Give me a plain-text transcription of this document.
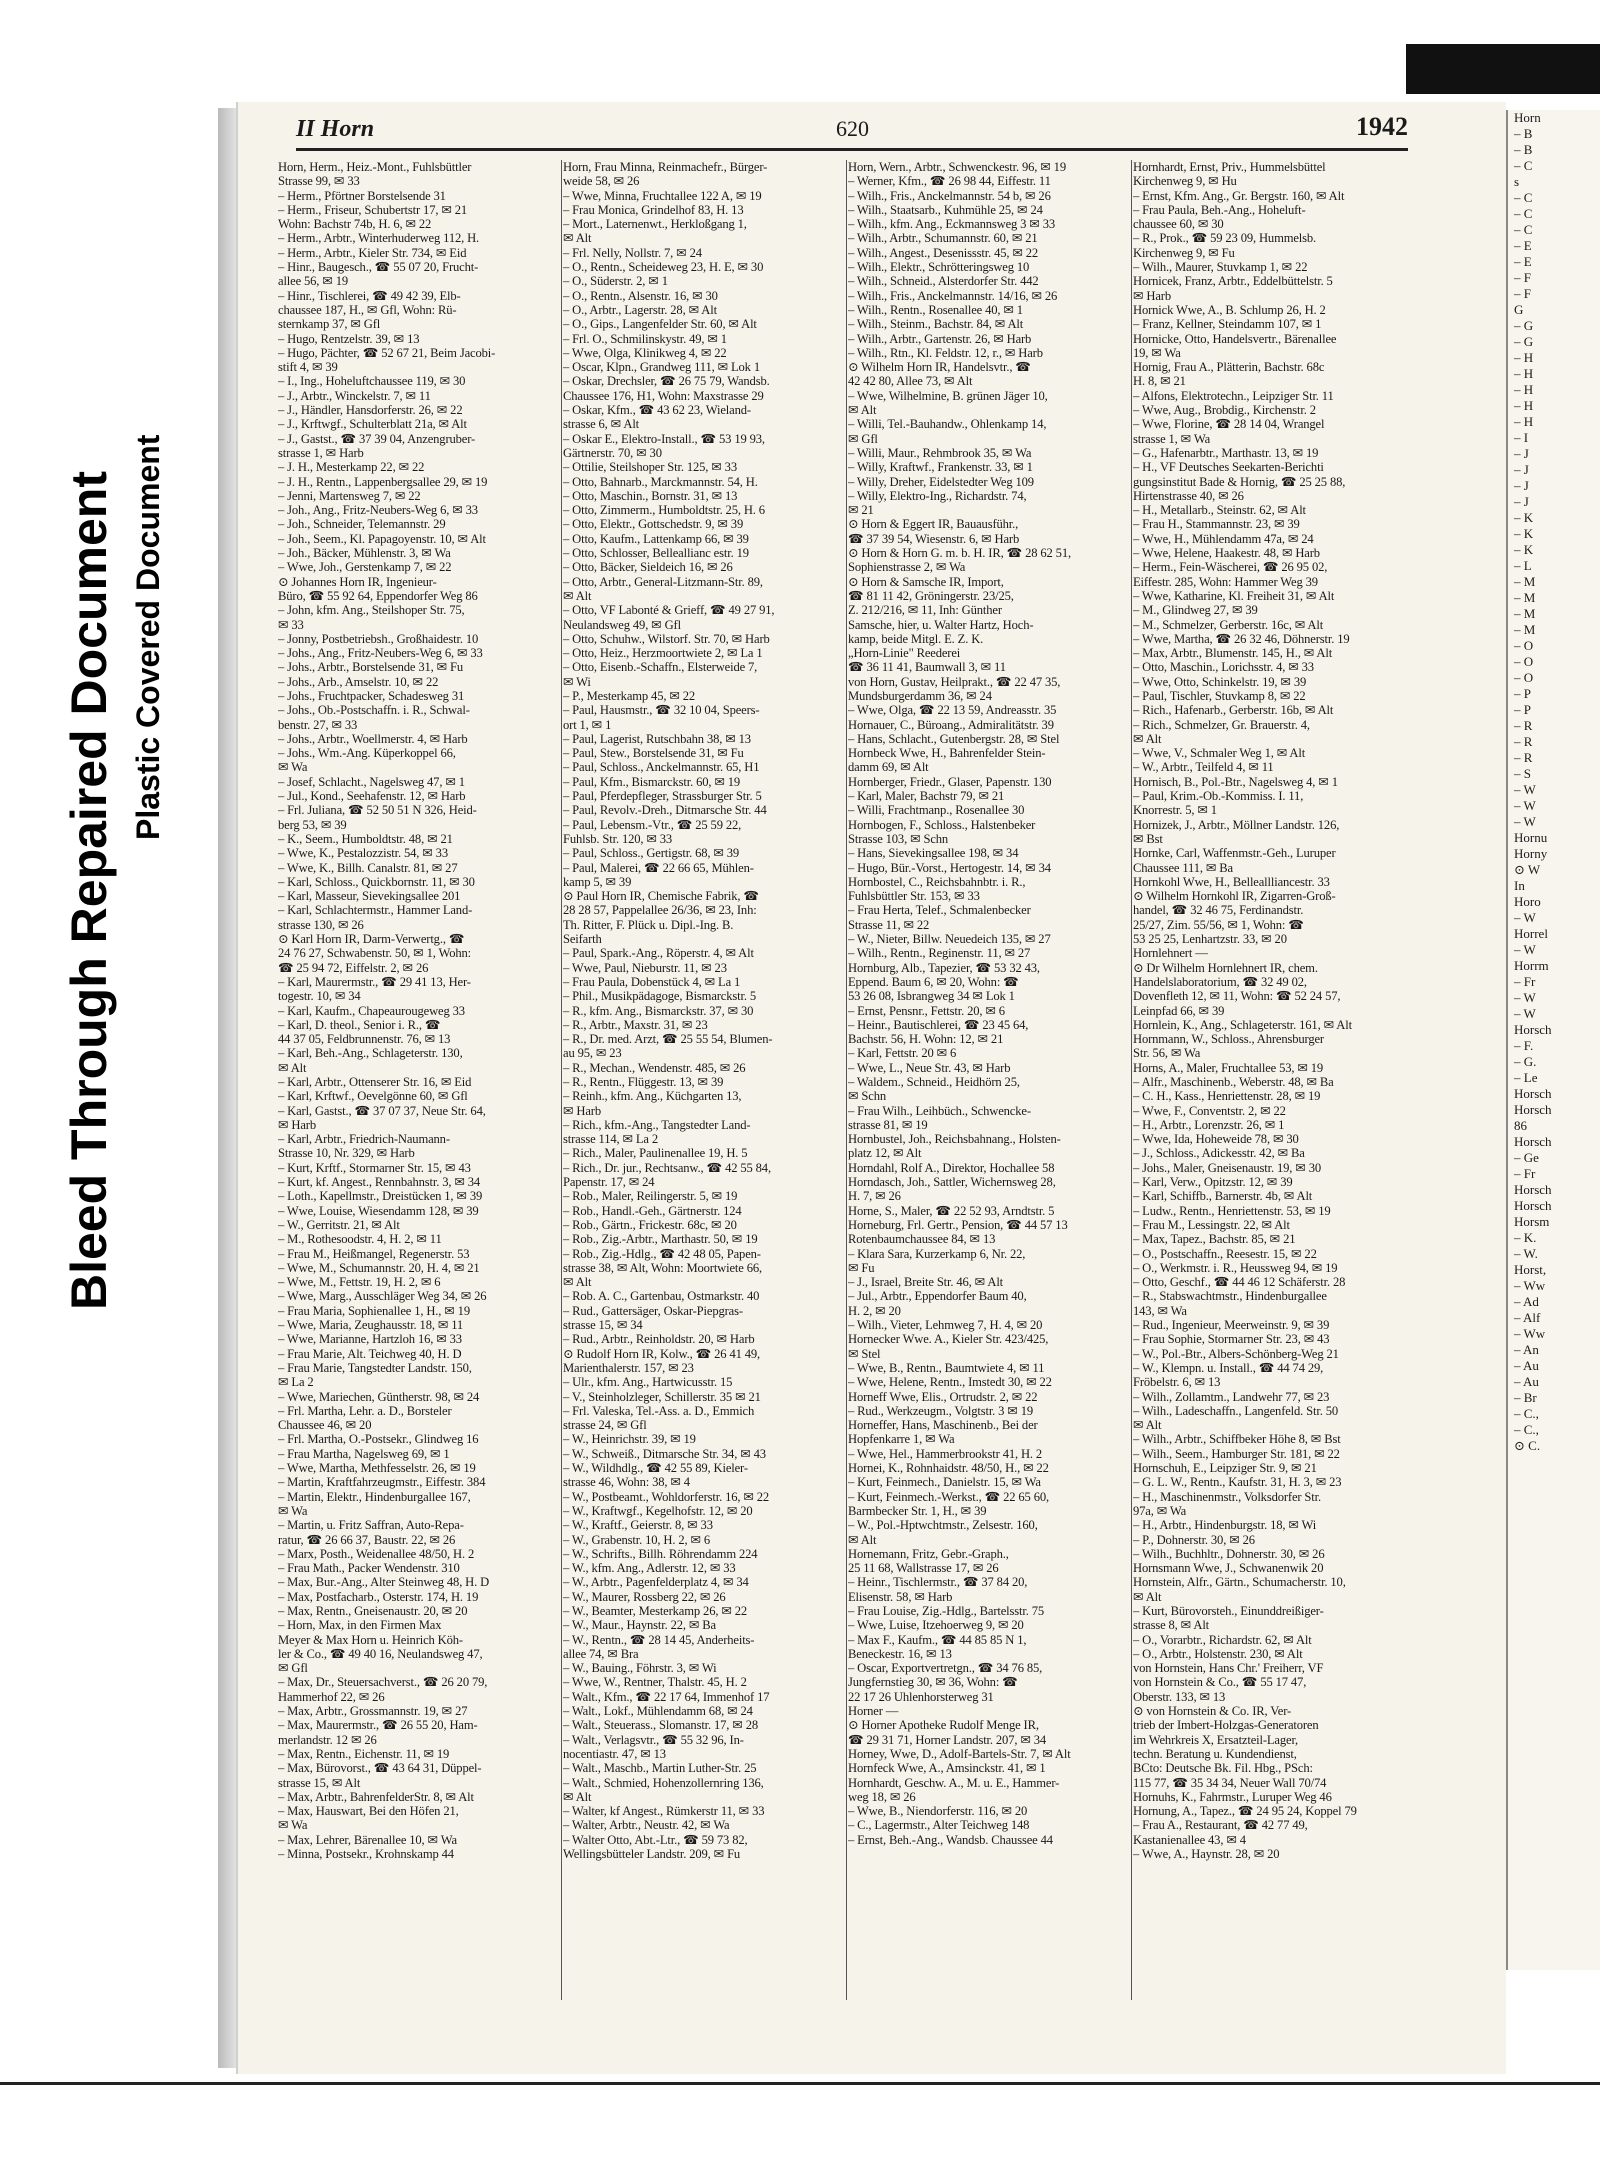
Bleed Through Repaired Document Plastic Covered Document
II Horn	620	1942
Horn, Herm., Heiz.-Mont., Fuhlsbüttler
Strasse 99, ✉ 33
– Herm., Pförtner Borstelsende 31
– Herm., Friseur, Schubertstr 17, ✉ 21
Wohn: Bachstr 74b, H. 6, ✉ 22
– Herm., Arbtr., Winterhuderweg 112, H.
– Herm., Arbtr., Kieler Str. 734, ✉ Eid
– Hinr., Baugesch., ☎ 55 07 20, Frucht-
allee 56, ✉ 19
– Hinr., Tischlerei, ☎ 49 42 39, Elb-
chaussee 187, H., ✉ Gfl, Wohn: Rü-
sternkamp 37, ✉ Gfl
– Hugo, Rentzelstr. 39, ✉ 13
– Hugo, Pächter, ☎ 52 67 21, Beim Jacobi-
stift 4, ✉ 39
– I., Ing., Hoheluftchaussee 119, ✉ 30
– J., Arbtr., Winckelstr. 7, ✉ 11
– J., Händler, Hansdorferstr. 26, ✉ 22
– J., Krftwgf., Schulterblatt 21a, ✉ Alt
– J., Gastst., ☎ 37 39 04, Anzengruber-
strasse 1, ✉ Harb
– J. H., Mesterkamp 22, ✉ 22
– J. H., Rentn., Lappenbergsallee 29, ✉ 19
– Jenni, Martensweg 7, ✉ 22
– Joh., Ang., Fritz-Neubers-Weg 6, ✉ 33
– Joh., Schneider, Telemannstr. 29
– Joh., Seem., Kl. Papagoyenstr. 10, ✉ Alt
– Joh., Bäcker, Mühlenstr. 3, ✉ Wa
– Wwe, Joh., Gerstenkamp 7, ✉ 22
⊙ Johannes Horn IR, Ingenieur-
Büro, ☎ 55 92 64, Eppendorfer Weg 86
– John, kfm. Ang., Steilshoper Str. 75,
✉ 33
– Jonny, Postbetriebsh., Großhaidestr. 10
– Johs., Ang., Fritz-Neubers-Weg 6, ✉ 33
– Johs., Arbtr., Borstelsende 31, ✉ Fu
– Johs., Arb., Amselstr. 10, ✉ 22
– Johs., Fruchtpacker, Schadesweg 31
– Johs., Ob.-Postschaffn. i. R., Schwal-
benstr. 27, ✉ 33
– Johs., Arbtr., Woellmerstr. 4, ✉ Harb
– Johs., Wm.-Ang. Küperkoppel 66,
✉ Wa
– Josef, Schlacht., Nagelsweg 47, ✉ 1
– Jul., Kond., Seehafenstr. 12, ✉ Harb
– Frl. Juliana, ☎ 52 50 51 N 326, Heid-
berg 53, ✉ 39
– K., Seem., Humboldtstr. 48, ✉ 21
– Wwe, K., Pestalozzistr. 54, ✉ 33
– Wwe, K., Billh. Canalstr. 81, ✉ 27
– Karl, Schloss., Quickbornstr. 11, ✉ 30
– Karl, Masseur, Sievekingsallee 201
– Karl, Schlachtermstr., Hammer Land-
strasse 130, ✉ 26
⊙ Karl Horn IR, Darm-Verwertg., ☎
24 76 27, Schwabenstr. 50, ✉ 1, Wohn:
☎ 25 94 72, Eiffelstr. 2, ✉ 26
– Karl, Maurermstr., ☎ 29 41 13, Her-
togestr. 10, ✉ 34
– Karl, Kaufm., Chapeaurougeweg 33
– Karl, D. theol., Senior i. R., ☎
44 37 05, Feldbrunnenstr. 76, ✉ 13
– Karl, Beh.-Ang., Schlageterstr. 130,
✉ Alt
– Karl, Arbtr., Ottenserer Str. 16, ✉ Eid
– Karl, Krftwf., Oevelgönne 60, ✉ Gfl
– Karl, Gastst., ☎ 37 07 37, Neue Str. 64,
✉ Harb
– Karl, Arbtr., Friedrich-Naumann-
Strasse 10, Nr. 329, ✉ Harb
– Kurt, Krftf., Stormarner Str. 15, ✉ 43
– Kurt, kf. Angest., Rennbahnstr. 3, ✉ 34
– Loth., Kapellmstr., Dreistücken 1, ✉ 39
– Wwe, Louise, Wiesendamm 128, ✉ 39
– W., Gerritstr. 21, ✉ Alt
– M., Rothesoodstr. 4, H. 2, ✉ 11
– Frau M., Heißmangel, Regenerstr. 53
– Wwe, M., Schumannstr. 20, H. 4, ✉ 21
– Wwe, M., Fettstr. 19, H. 2, ✉ 6
– Wwe, Marg., Ausschläger Weg 34, ✉ 26
– Frau Maria, Sophienallee 1, H., ✉ 19
– Wwe, Maria, Zeughausstr. 18, ✉ 11
– Wwe, Marianne, Hartzloh 16, ✉ 33
– Frau Marie, Alt. Teichweg 40, H. D
– Frau Marie, Tangstedter Landstr. 150,
✉ La 2
– Wwe, Mariechen, Güntherstr. 98, ✉ 24
– Frl. Martha, Lehr. a. D., Borsteler
Chaussee 46, ✉ 20
– Frl. Martha, O.-Postsekr., Glindweg 16
– Frau Martha, Nagelsweg 69, ✉ 1
– Wwe, Martha, Methfesselstr. 26, ✉ 19
– Martin, Kraftfahrzeugmstr., Eiffestr. 384
– Martin, Elektr., Hindenburgallee 167,
✉ Wa
– Martin, u. Fritz Saffran, Auto-Repa-
ratur, ☎ 26 66 37, Baustr. 22, ✉ 26
– Marx, Posth., Weidenallee 48/50, H. 2
– Frau Math., Packer Wendenstr. 310
– Max, Bur.-Ang., Alter Steinweg 48, H. D
– Max, Postfacharb., Osterstr. 174, H. 19
– Max, Rentn., Gneisenaustr. 20, ✉ 20
– Horn, Max, in den Firmen Max
Meyer & Max Horn u. Heinrich Köh-
ler & Co., ☎ 49 40 16, Neulandsweg 47,
✉ Gfl
– Max, Dr., Steuersachverst., ☎ 26 20 79,
Hammerhof 22, ✉ 26
– Max, Arbtr., Grossmannstr. 19, ✉ 27
– Max, Maurermstr., ☎ 26 55 20, Ham-
merlandstr. 12 ✉ 26
– Max, Rentn., Eichenstr. 11, ✉ 19
– Max, Bürovorst., ☎ 43 64 31, Düppel-
strasse 15, ✉ Alt
– Max, Arbtr., BahrenfelderStr. 8, ✉ Alt
– Max, Hauswart, Bei den Höfen 21,
✉ Wa
– Max, Lehrer, Bärenallee 10, ✉ Wa
– Minna, Postsekr., Krohnskamp 44
Horn, Frau Minna, Reinmachefr., Bürger-
weide 58, ✉ 26
– Wwe, Minna, Fruchtallee 122 A, ✉ 19
– Frau Monica, Grindelhof 83, H. 13
– Mort., Laternenwt., Herkloßgang 1,
✉ Alt
– Frl. Nelly, Nollstr. 7, ✉ 24
– O., Rentn., Scheideweg 23, H. E, ✉ 30
– O., Süderstr. 2, ✉ 1
– O., Rentn., Alsenstr. 16, ✉ 30
– O., Arbtr., Lagerstr. 28, ✉ Alt
– O., Gips., Langenfelder Str. 60, ✉ Alt
– Frl. O., Schmilinskystr. 49, ✉ 1
– Wwe, Olga, Klinikweg 4, ✉ 22
– Oscar, Klpn., Grandweg 111, ✉ Lok 1
– Oskar, Drechsler, ☎ 26 75 79, Wandsb.
Chaussee 176, H1, Wohn: Maxstrasse 29
– Oskar, Kfm., ☎ 43 62 23, Wieland-
strasse 6, ✉ Alt
– Oskar E., Elektro-Install., ☎ 53 19 93,
Gärtnerstr. 70, ✉ 30
– Ottilie, Steilshoper Str. 125, ✉ 33
– Otto, Bahnarb., Marckmannstr. 54, H.
– Otto, Maschin., Bornstr. 31, ✉ 13
– Otto, Zimmerm., Humboldtstr. 25, H. 6
– Otto, Elektr., Gottschedstr. 9, ✉ 39
– Otto, Kaufm., Lattenkamp 66, ✉ 39
– Otto, Schlosser, Belleallianc estr. 19
– Otto, Bäcker, Sieldeich 16, ✉ 26
– Otto, Arbtr., General-Litzmann-Str. 89,
✉ Alt
– Otto, VF Labonté & Grieff, ☎ 49 27 91,
Neulandsweg 49, ✉ Gfl
– Otto, Schuhw., Wilstorf. Str. 70, ✉ Harb
– Otto, Heiz., Herzmoortwiete 2, ✉ La 1
– Otto, Eisenb.-Schaffn., Elsterweide 7,
✉ Wi
– P., Mesterkamp 45, ✉ 22
– Paul, Hausmstr., ☎ 32 10 04, Speers-
ort 1, ✉ 1
– Paul, Lagerist, Rutschbahn 38, ✉ 13
– Paul, Stew., Borstelsende 31, ✉ Fu
– Paul, Schloss., Anckelmannstr. 65, H1
– Paul, Kfm., Bismarckstr. 60, ✉ 19
– Paul, Pferdepfleger, Strassburger Str. 5
– Paul, Revolv.-Dreh., Ditmarsche Str. 44
– Paul, Lebensm.-Vtr., ☎ 25 59 22,
Fuhlsb. Str. 120, ✉ 33
– Paul, Schloss., Gertigstr. 68, ✉ 39
– Paul, Malerei, ☎ 22 66 65, Mühlen-
kamp 5, ✉ 39
⊙ Paul Horn IR, Chemische Fabrik, ☎
28 28 57, Pappelallee 26/36, ✉ 23, Inh:
Th. Ritter, F. Plück u. Dipl.-Ing. B.
Seifarth
– Paul, Spark.-Ang., Röperstr. 4, ✉ Alt
– Wwe, Paul, Nieburstr. 11, ✉ 23
– Frau Paula, Dobenstück 4, ✉ La 1
– Phil., Musikpädagoge, Bismarckstr. 5
– R., kfm. Ang., Bismarckstr. 37, ✉ 30
– R., Arbtr., Maxstr. 31, ✉ 23
– R., Dr. med. Arzt, ☎ 25 55 54, Blumen-
au 95, ✉ 23
– R., Mechan., Wendenstr. 485, ✉ 26
– R., Rentn., Flüggestr. 13, ✉ 39
– Reinh., kfm. Ang., Küchgarten 13,
✉ Harb
– Rich., kfm.-Ang., Tangstedter Land-
strasse 114, ✉ La 2
– Rich., Maler, Paulinenallee 19, H. 5
– Rich., Dr. jur., Rechtsanw., ☎ 42 55 84,
Papenstr. 17, ✉ 24
– Rob., Maler, Reilingerstr. 5, ✉ 19
– Rob., Handl.-Geh., Gärtnerstr. 124
– Rob., Gärtn., Frickestr. 68c, ✉ 20
– Rob., Zig.-Arbtr., Marthastr. 50, ✉ 19
– Rob., Zig.-Hdlg., ☎ 42 48 05, Papen-
strasse 38, ✉ Alt, Wohn: Moortwiete 66,
✉ Alt
– Rob. A. C., Gartenbau, Ostmarkstr. 40
– Rud., Gattersäger, Oskar-Piepgras-
strasse 15, ✉ 34
– Rud., Arbtr., Reinholdstr. 20, ✉ Harb
⊙ Rudolf Horn IR, Kolw., ☎ 26 41 49,
Marienthalerstr. 157, ✉ 23
– Ulr., kfm. Ang., Hartwicusstr. 15
– V., Steinholzleger, Schillerstr. 35 ✉ 21
– Frl. Valeska, Tel.-Ass. a. D., Emmich
strasse 24, ✉ Gfl
– W., Heinrichstr. 39, ✉ 19
– W., Schweiß., Ditmarsche Str. 34, ✉ 43
– W., Wildhdlg., ☎ 42 55 89, Kieler-
strasse 46, Wohn: 38, ✉ 4
– W., Postbeamt., Wohldorferstr. 16, ✉ 22
– W., Kraftwgf., Kegelhofstr. 12, ✉ 20
– W., Kraftf., Geierstr. 8, ✉ 33
– W., Grabenstr. 10, H. 2, ✉ 6
– W., Schrifts., Billh. Röhrendamm 224
– W., kfm. Ang., Adlerstr. 12, ✉ 33
– W., Arbtr., Pagenfelderplatz 4, ✉ 34
– W., Maurer, Rossberg 22, ✉ 26
– W., Beamter, Mesterkamp 26, ✉ 22
– W., Maur., Haynstr. 22, ✉ Ba
– W., Rentn., ☎ 28 14 45, Anderheits-
allee 74, ✉ Bra
– W., Bauing., Föhrstr. 3, ✉ Wi
– Wwe, W., Rentner, Thalstr. 45, H. 2
– Walt., Kfm., ☎ 22 17 64, Immenhof 17
– Walt., Lokf., Mühlendamm 68, ✉ 24
– Walt., Steuerass., Slomanstr. 17, ✉ 28
– Walt., Verlagsvtr., ☎ 55 32 96, In-
nocentiastr. 47, ✉ 13
– Walt., Maschb., Martin Luther-Str. 25
– Walt., Schmied, Hohenzollernring 136,
✉ Alt
– Walter, kf Angest., Rümkerstr 11, ✉ 33
– Walter, Arbtr., Neustr. 42, ✉ Wa
– Walter Otto, Abt.-Ltr., ☎ 59 73 82,
Wellingsbütteler Landstr. 209, ✉ Fu
Horn, Wern., Arbtr., Schwenckestr. 96, ✉ 19
– Werner, Kfm., ☎ 26 98 44, Eiffestr. 11
– Wilh., Fris., Anckelmannstr. 54 b, ✉ 26
– Wilh., Staatsarb., Kuhmühle 25, ✉ 24
– Wilh., kfm. Ang., Eckmannsweg 3 ✉ 33
– Wilh., Arbtr., Schumannstr. 60, ✉ 21
– Wilh., Angest., Desenissstr. 45, ✉ 22
– Wilh., Elektr., Schrötteringsweg 10
– Wilh., Schneid., Alsterdorfer Str. 442
– Wilh., Fris., Anckelmannstr. 14/16, ✉ 26
– Wilh., Rentn., Rosenallee 40, ✉ 1
– Wilh., Steinm., Bachstr. 84, ✉ Alt
– Wilh., Arbtr., Gartenstr. 26, ✉ Harb
– Wilh., Rtn., Kl. Feldstr. 12, r., ✉ Harb
⊙ Wilhelm Horn IR, Handelsvtr., ☎
42 42 80, Allee 73, ✉ Alt
– Wwe, Wilhelmine, B. grünen Jäger 10,
✉ Alt
– Willi, Tel.-Bauhandw., Ohlenkamp 14,
✉ Gfl
– Willi, Maur., Rehmbrook 35, ✉ Wa
– Willy, Kraftwf., Frankenstr. 33, ✉ 1
– Willy, Dreher, Eidelstedter Weg 109
– Willy, Elektro-Ing., Richardstr. 74,
✉ 21
⊙ Horn & Eggert IR, Bauausführ.,
☎ 37 39 54, Wiesenstr. 6, ✉ Harb
⊙ Horn & Horn G. m. b. H. IR, ☎ 28 62 51,
Sophienstrasse 2, ✉ Wa
⊙ Horn & Samsche IR, Import,
☎ 81 11 42, Gröningerstr. 23/25,
Z. 212/216, ✉ 11, Inh: Günther
Samsche, hier, u. Walter Hartz, Hoch-
kamp, beide Mitgl. E. Z. K.
„Horn-Linie" Reederei
☎ 36 11 41, Baumwall 3, ✉ 11
von Horn, Gustav, Heilprakt., ☎ 22 47 35,
Mundsburgerdamm 36, ✉ 24
– Wwe, Olga, ☎ 22 13 59, Andreasstr. 35
Hornauer, C., Büroang., Admiralitätstr. 39
– Hans, Schlacht., Gutenbergstr. 28, ✉ Stel
Hornbeck Wwe, H., Bahrenfelder Stein-
damm 69, ✉ Alt
Hornberger, Friedr., Glaser, Papenstr. 130
– Karl, Maler, Bachstr 79, ✉ 21
– Willi, Frachtmanp., Rosenallee 30
Hornbogen, F., Schloss., Halstenbeker
Strasse 103, ✉ Schn
– Hans, Sievekingsallee 198, ✉ 34
– Hugo, Bür.-Vorst., Hertogestr. 14, ✉ 34
Hornbostel, C., Reichsbahnbtr. i. R.,
Fuhlsbüttler Str. 153, ✉ 33
– Frau Herta, Telef., Schmalenbecker
Strasse 11, ✉ 22
– W., Nieter, Billw. Neuedeich 135, ✉ 27
– Wilh., Rentn., Reginenstr. 11, ✉ 27
Hornburg, Alb., Tapezier, ☎ 53 32 43,
Eppend. Baum 6, ✉ 20, Wohn: ☎
53 26 08, Isbrangweg 34 ✉ Lok 1
– Ernst, Pensnr., Fettstr. 20, ✉ 6
– Heinr., Bautischlerei, ☎ 23 45 64,
Bachstr. 56, H. Wohn: 12, ✉ 21
– Karl, Fettstr. 20 ✉ 6
– Wwe, L., Neue Str. 43, ✉ Harb
– Waldem., Schneid., Heidhörn 25,
✉ Schn
– Frau Wilh., Leihbüch., Schwencke-
strasse 81, ✉ 19
Hornbustel, Joh., Reichsbahnang., Holsten-
platz 12, ✉ Alt
Horndahl, Rolf A., Direktor, Hochallee 58
Horndasch, Joh., Sattler, Wichernsweg 28,
H. 7, ✉ 26
Horne, S., Maler, ☎ 22 52 93, Arndtstr. 5
Horneburg, Frl. Gertr., Pension, ☎ 44 57 13
Rotenbaumchaussee 84, ✉ 13
– Klara Sara, Kurzerkamp 6, Nr. 22,
✉ Fu
– J., Israel, Breite Str. 46, ✉ Alt
– Jul., Arbtr., Eppendorfer Baum 40,
H. 2, ✉ 20
– Wilh., Vieter, Lehmweg 7, H. 4, ✉ 20
Hornecker Wwe. A., Kieler Str. 423/425,
✉ Stel
– Wwe, B., Rentn., Baumtwiete 4, ✉ 11
– Wwe, Helene, Rentn., Imstedt 30, ✉ 22
Horneff Wwe, Elis., Ortrudstr. 2, ✉ 22
– Rud., Werkzeugm., Volgtstr. 3 ✉ 19
Horneffer, Hans, Maschinenb., Bei der
Hopfenkarre 1, ✉ Wa
– Wwe, Hel., Hammerbrookstr 41, H. 2
Hornei, K., Rohnhaidstr. 48/50, H., ✉ 22
– Kurt, Feinmech., Danielstr. 15, ✉ Wa
– Kurt, Feinmech.-Werkst., ☎ 22 65 60,
Barmbecker Str. 1, H., ✉ 39
– W., Pol.-Hptwchtmstr., Zelsestr. 160,
✉ Alt
Hornemann, Fritz, Gebr.-Graph.,
25 11 68, Wallstrasse 17, ✉ 26
– Heinr., Tischlermstr., ☎ 37 84 20,
Elisenstr. 58, ✉ Harb
– Frau Louise, Zig.-Hdlg., Bartelsstr. 75
– Wwe, Luise, Itzehoerweg 9, ✉ 20
– Max F., Kaufm., ☎ 44 85 85 N 1,
Beneckestr. 16, ✉ 13
– Oscar, Exportvertretgn., ☎ 34 76 85,
Jungfernstieg 30, ✉ 36, Wohn: ☎
22 17 26 Uhlenhorsterweg 31
Horner —
⊙ Horner Apotheke Rudolf Menge IR,
☎ 29 31 71, Horner Landstr. 207, ✉ 34
Horney, Wwe, D., Adolf-Bartels-Str. 7, ✉ Alt
Hornfeck Wwe, A., Amsinckstr. 41, ✉ 1
Hornhardt, Geschw. A., M. u. E., Hammer-
weg 18, ✉ 26
– Wwe, B., Niendorferstr. 116, ✉ 20
– C., Lagermstr., Alter Teichweg 148
– Ernst, Beh.-Ang., Wandsb. Chaussee 44
Hornhardt, Ernst, Priv., Hummelsbüttel
Kirchenweg 9, ✉ Hu
– Ernst, Kfm. Ang., Gr. Bergstr. 160, ✉ Alt
– Frau Paula, Beh.-Ang., Hoheluft-
chaussee 60, ✉ 30
– R., Prok., ☎ 59 23 09, Hummelsb.
Kirchenweg 9, ✉ Fu
– Wilh., Maurer, Stuvkamp 1, ✉ 22
Hornicek, Franz, Arbtr., Eddelbüttelstr. 5
✉ Harb
Hornick Wwe, A., B. Schlump 26, H. 2
– Franz, Kellner, Steindamm 107, ✉ 1
Hornicke, Otto, Handelsvertr., Bärenallee
19, ✉ Wa
Hornig, Frau A., Plätterin, Bachstr. 68c
H. 8, ✉ 21
– Alfons, Elektrotechn., Leipziger Str. 11
– Wwe, Aug., Brobdig., Kirchenstr. 2
– Wwe, Florine, ☎ 28 14 04, Wrangel
strasse 1, ✉ Wa
– G., Hafenarbtr., Marthastr. 13, ✉ 19
– H., VF Deutsches Seekarten-Berichti
gungsinstitut Bade & Hornig, ☎ 25 25 88,
Hirtenstrasse 40, ✉ 26
– H., Metallarb., Steinstr. 62, ✉ Alt
– Frau H., Stammannstr. 23, ✉ 39
– Wwe, H., Mühlendamm 47a, ✉ 24
– Wwe, Helene, Haakestr. 48, ✉ Harb
– Herm., Fein-Wäscherei, ☎ 26 95 02,
Eiffestr. 285, Wohn: Hammer Weg 39
– Wwe, Katharine, Kl. Freiheit 31, ✉ Alt
– M., Glindweg 27, ✉ 39
– M., Schmelzer, Gerberstr. 16c, ✉ Alt
– Wwe, Martha, ☎ 26 32 46, Döhnerstr. 19
– Max, Arbtr., Blumenstr. 145, H., ✉ Alt
– Otto, Maschin., Lorichsstr. 4, ✉ 33
– Wwe, Otto, Schinkelstr. 19, ✉ 39
– Paul, Tischler, Stuvkamp 8, ✉ 22
– Rich., Hafenarb., Gerberstr. 16b, ✉ Alt
– Rich., Schmelzer, Gr. Brauerstr. 4,
✉ Alt
– Wwe, V., Schmaler Weg 1, ✉ Alt
– W., Arbtr., Teilfeld 4, ✉ 11
Hornisch, B., Pol.-Btr., Nagelsweg 4, ✉ 1
– Paul, Krim.-Ob.-Kommiss. I. 11,
Knorrestr. 5, ✉ 1
Hornizek, J., Arbtr., Möllner Landstr. 126,
✉ Bst
Hornke, Carl, Waffenmstr.-Geh., Luruper
Chaussee 111, ✉ Ba
Hornkohl Wwe, H., Belleallliancestr. 33
⊙ Wilhelm Hornkohl IR, Zigarren-Groß-
handel, ☎ 32 46 75, Ferdinandstr.
25/27, Zim. 55/56, ✉ 1, Wohn: ☎
53 25 25, Lenhartzstr. 33, ✉ 20
Hornlehnert —
⊙ Dr Wilhelm Hornlehnert IR, chem.
Handelslaboratorium, ☎ 32 49 02,
Dovenfleth 12, ✉ 11, Wohn: ☎ 52 24 57,
Leinpfad 66, ✉ 39
Hornlein, K., Ang., Schlageterstr. 161, ✉ Alt
Hornmann, W., Schloss., Ahrensburger
Str. 56, ✉ Wa
Horns, A., Maler, Fruchtallee 53, ✉ 19
– Alfr., Maschinenb., Weberstr. 48, ✉ Ba
– C. H., Kass., Henriettenstr. 28, ✉ 19
– Wwe, F., Conventstr. 2, ✉ 22
– H., Arbtr., Lorenzstr. 26, ✉ 1
– Wwe, Ida, Hoheweide 78, ✉ 30
– J., Schloss., Adickesstr. 42, ✉ Ba
– Johs., Maler, Gneisenaustr. 19, ✉ 30
– Karl, Verw., Opitzstr. 12, ✉ 39
– Karl, Schiffb., Barnerstr. 4b, ✉ Alt
– Ludw., Rentn., Henriettenstr. 53, ✉ 19
– Frau M., Lessingstr. 22, ✉ Alt
– Max, Tapez., Bachstr. 85, ✉ 21
– O., Postschaffn., Reesestr. 15, ✉ 22
– O., Werkmstr. i. R., Heussweg 94, ✉ 19
– Otto, Geschf., ☎ 44 46 12 Schäferstr. 28
– R., Stabswachtmstr., Hindenburgallee
143, ✉ Wa
– Rud., Ingenieur, Meerweinstr. 9, ✉ 39
– Frau Sophie, Stormarner Str. 23, ✉ 43
– W., Pol.-Btr., Albers-Schönberg-Weg 21
– W., Klempn. u. Install., ☎ 44 74 29,
Fröbelstr. 6, ✉ 13
– Wilh., Zollamtm., Landwehr 77, ✉ 23
– Wilh., Ladeschaffn., Langenfeld. Str. 50
✉ Alt
– Wilh., Arbtr., Schiffbeker Höhe 8, ✉ Bst
– Wilh., Seem., Hamburger Str. 181, ✉ 22
Hornschuh, E., Leipziger Str. 9, ✉ 21
– G. L. W., Rentn., Kaufstr. 31, H. 3, ✉ 23
– H., Maschinenmstr., Volksdorfer Str.
97a, ✉ Wa
– H., Arbtr., Hindenburgstr. 18, ✉ Wi
– P., Dohnerstr. 30, ✉ 26
– Wilh., Buchhltr., Dohnerstr. 30, ✉ 26
Hornsmann Wwe, J., Schwanenwik 20
Hornstein, Alfr., Gärtn., Schumacherstr. 10,
✉ Alt
– Kurt, Bürovorsteh., Einunddreißiger-
strasse 8, ✉ Alt
– O., Vorarbtr., Richardstr. 62, ✉ Alt
– O., Arbtr., Holstenstr. 230, ✉ Alt
von Hornstein, Hans Chr.' Freiherr, VF
von Hornstein & Co., ☎ 55 17 47,
Oberstr. 133, ✉ 13
⊙ von Hornstein & Co. IR, Ver-
trieb der Imbert-Holzgas-Generatoren
im Wehrkreis X, Ersatzteil-Lager,
techn. Beratung u. Kundendienst,
BCto: Deutsche Bk. Fil. Hbg., PSch:
115 77, ☎ 35 34 34, Neuer Wall 70/74
Hornuhs, K., Fahrmstr., Luruper Weg 46
Hornung, A., Tapez., ☎ 24 95 24, Koppel 79
– Frau A., Restaurant, ☎ 42 77 49,
Kastanienallee 43, ✉ 4
– Wwe, A., Haynstr. 28, ✉ 20
Horn
– B
– B
– C
s
– C
– C
– C
– E
– E
– F
– F
G
– G
– G
– H
– H
– H
– H
– H
– I
– J
– J
– J
– J
– K
– K
– K
– L
– M
– M
– M
– M
– O
– O
– O
– P
– P
– R
– R
– R
– S
– W
– W
– W
Hornu
Horny
⊙ W
In
Horo
– W
Horrel
– W
Horrm
– Fr
– W
– W
Horsch
– F.
– G.
– Le
Horsch
Horsch
86
Horsch
– Ge
– Fr
Horsch
Horsch
Horsm
– K.
– W.
Horst,
– Ww
– Ad
– Alf
– Ww
– An
– Au
– Au
– Br
– C.,
– C.,
⊙ C.
